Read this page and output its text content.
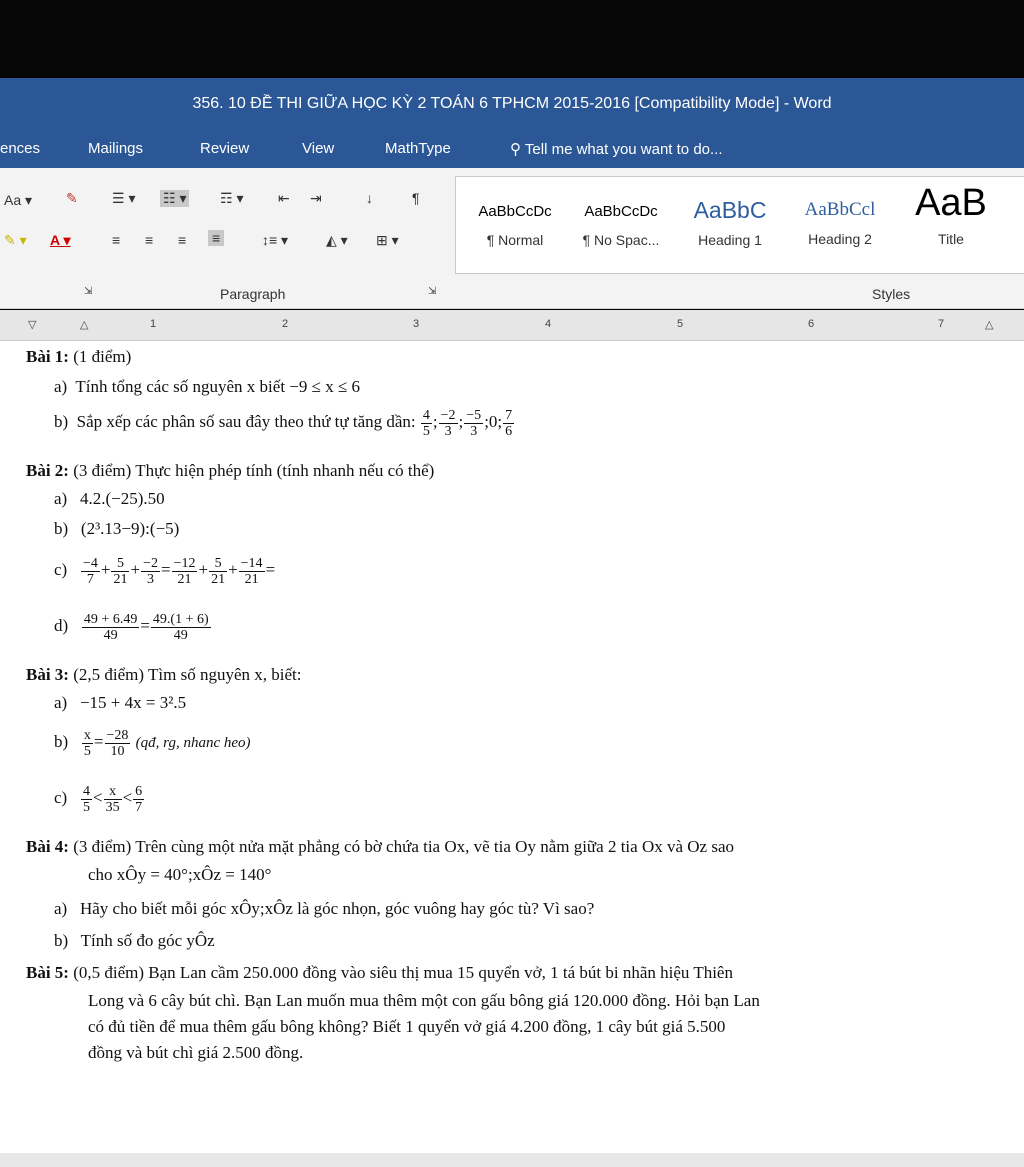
356. 10 ĐỀ THI GIỮA HỌC KỲ 2 TOÁN 6 TPHCM 2015-2016 [Compatibility Mode] - Word
ences	Mailings	Review	View	MathType	⚲ Tell me what you want to do...
Aa ▾ ✎
✎ ▾ A ▾
☰ ▾ ☷ ▾ ☶ ▾ ⇤ ⇥	↓	¶
≡ ≡ ≡ ≡	↕≡ ▾	◭ ▾ ⊞ ▾
⇲	Paragraph	⇲	Styles
AaBbCcDc
¶ Normal
AaBbCcDc
¶ No Spac...
AaBbC
Heading 1
AaBbCcl
Heading 2
AaB
Title
▽	△	1	2	3	4	5	6	7	△
Bài 1: (1 điểm)
a) Tính tổng các số nguyên x biết −9 ≤ x ≤ 6
b) Sắp xếp các phân số sau đây theo thứ tự tăng dần: $\frac{4}{5}$ ; $\frac{-2}{3}$ ; $\frac{-5}{3}$ ;0; $\frac{7}{6}$
Bài 2: (3 điểm) Thực hiện phép tính (tính nhanh nếu có thể)
a) 4.2.(−25).50
b) (2³.13−9):(−5)
$c) \frac{-4}{7} + \frac{5}{21} + \frac{-2}{3} = \frac{-12}{21} + \frac{5}{21} + \frac{-14}{21}$ =
$d) \frac{49 + 6.49}{49} = \frac{49.(1 + 6)}{49}$
Bài 3: (2,5 điểm) Tìm số nguyên x, biết:
a) −15 + 4x = 3².5
$b) \frac{x}{5} = \frac{-28}{10}$ (qđ, rg, nhanc heo)
$c) \frac{4}{5} < \frac{x}{35} < \frac{6}{7}$
Bài 4: (3 điểm) Trên cùng một nửa mặt phẳng có bờ chứa tia Ox, vẽ tia Oy nằm giữa 2 tia Ox và Oz sao
cho xÔy = 40°;xÔz = 140°
a) Hãy cho biết mỗi góc xÔy;xÔz là góc nhọn, góc vuông hay góc tù? Vì sao?
b) Tính số đo góc yÔz
Bài 5: (0,5 điểm) Bạn Lan cầm 250.000 đồng vào siêu thị mua 15 quyển vở, 1 tá bút bi nhãn hiệu Thiên
Long và 6 cây bút chì. Bạn Lan muốn mua thêm một con gấu bông giá 120.000 đồng. Hỏi bạn Lan
có đủ tiền để mua thêm gấu bông không? Biết 1 quyển vở giá 4.200 đồng, 1 cây bút giá 5.500
đồng và bút chì giá 2.500 đồng.
